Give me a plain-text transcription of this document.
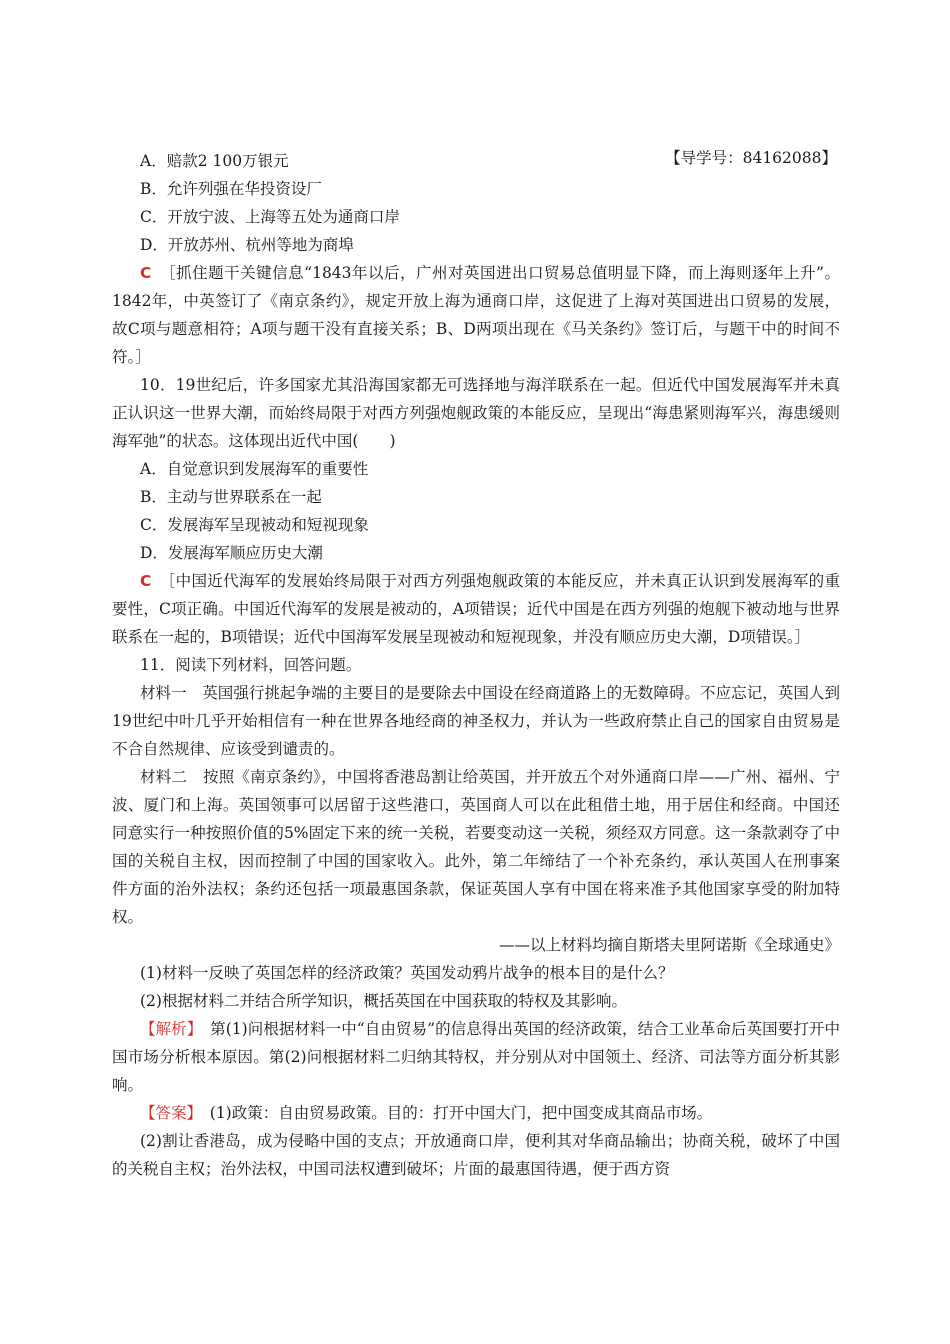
【导学号：84162088】

A．赔款2 100万银元

B．允许列强在华投资设厂

C．开放宁波、上海等五处为通商口岸

D．开放苏州、杭州等地为商埠

C　 ［抓住题干关键信息“1843年以后，广州对英国进出口贸易总值明显下降，而上海则逐年上升”。1842年，中英签订了《南京条约》，规定开放上海为通商口岸，这促进了上海对英国进出口贸易的发展，故C项与题意相符；A项与题干没有直接关系；B、D两项出现在《马关条约》签订后，与题干中的时间不符。］

10．19世纪后，许多国家尤其沿海国家都无可选择地与海洋联系在一起。但近代中国发展海军并未真正认识这一世界大潮，而始终局限于对西方列强炮舰政策的本能反应，呈现出“海患紧则海军兴，海患缓则海军弛”的状态。这体现出近代中国(　　)

A．自觉意识到发展海军的重要性

B．主动与世界联系在一起

C．发展海军呈现被动和短视现象

D．发展海军顺应历史大潮

C　 ［中国近代海军的发展始终局限于对西方列强炮舰政策的本能反应，并未真正认识到发展海军的重要性，C项正确。中国近代海军的发展是被动的，A项错误；近代中国是在西方列强的炮舰下被动地与世界联系在一起的，B项错误；近代中国海军发展呈现被动和短视现象，并没有顺应历史大潮，D项错误。］

11．阅读下列材料，回答问题。

材料一　英国强行挑起争端的主要目的是要除去中国设在经商道路上的无数障碍。不应忘记，英国人到19世纪中叶几乎开始相信有一种在世界各地经商的神圣权力，并认为一些政府禁止自己的国家自由贸易是不合自然规律、应该受到谴责的。

材料二　按照《南京条约》，中国将香港岛割让给英国，并开放五个对外通商口岸——广州、福州、宁波、厦门和上海。英国领事可以居留于这些港口，英国商人可以在此租借土地，用于居住和经商。中国还同意实行一种按照价值的5%固定下来的统一关税，若要变动这一关税，须经双方同意。这一条款剥夺了中国的关税自主权，因而控制了中国的国家收入。此外，第二年缔结了一个补充条约，承认英国人在刑事案件方面的治外法权；条约还包括一项最惠国条款，保证英国人享有中国在将来准予其他国家享受的附加特权。

——以上材料均摘自斯塔夫里阿诺斯《全球通史》

(1)材料一反映了英国怎样的经济政策？英国发动鸦片战争的根本目的是什么？

(2)根据材料二并结合所学知识，概括英国在中国获取的特权及其影响。

【解析】　第(1)问根据材料一中“自由贸易”的信息得出英国的经济政策，结合工业革命后英国要打开中国市场分析根本原因。第(2)问根据材料二归纳其特权，并分别从对中国领土、经济、司法等方面分析其影响。

【答案】　(1)政策：自由贸易政策。目的：打开中国大门，把中国变成其商品市场。

(2)割让香港岛，成为侵略中国的支点；开放通商口岸，便利其对华商品输出；协商关税，破坏了中国的关税自主权；治外法权，中国司法权遭到破坏；片面的最惠国待遇，便于西方资
